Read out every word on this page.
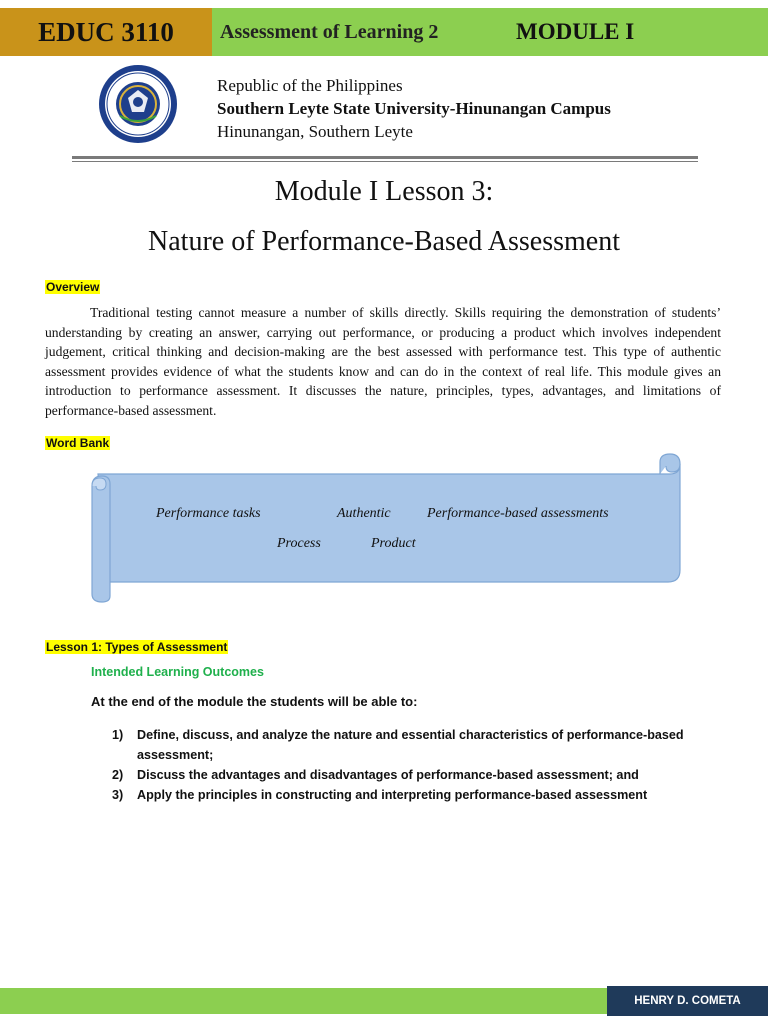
EDUC 3110	Assessment of Learning 2	MODULE I
Republic of the Philippines
Southern Leyte State University-Hinunangan Campus
Hinunangan, Southern Leyte
Module I Lesson 3:
Nature of Performance-Based Assessment
Overview
Traditional testing cannot measure a number of skills directly. Skills requiring the demonstration of students’ understanding by creating an answer, carrying out performance, or producing a product which involves independent judgement, critical thinking and decision-making are the best assessed with performance test. This type of authentic assessment provides evidence of what the students know and can do in the context of real life. This module gives an introduction to performance assessment. It discusses the nature, principles, types, advantages, and limitations of performance-based assessment.
Word Bank
Performance tasks	Authentic	Performance-based assessments
Process	Product
Lesson 1: Types of Assessment
Intended Learning Outcomes
At the end of the module the students will be able to:
1) Define, discuss, and analyze the nature and essential characteristics of performance-based assessment;
2) Discuss the advantages and disadvantages of performance-based assessment; and
3) Apply the principles in constructing and interpreting performance-based assessment
HENRY D. COMETA
